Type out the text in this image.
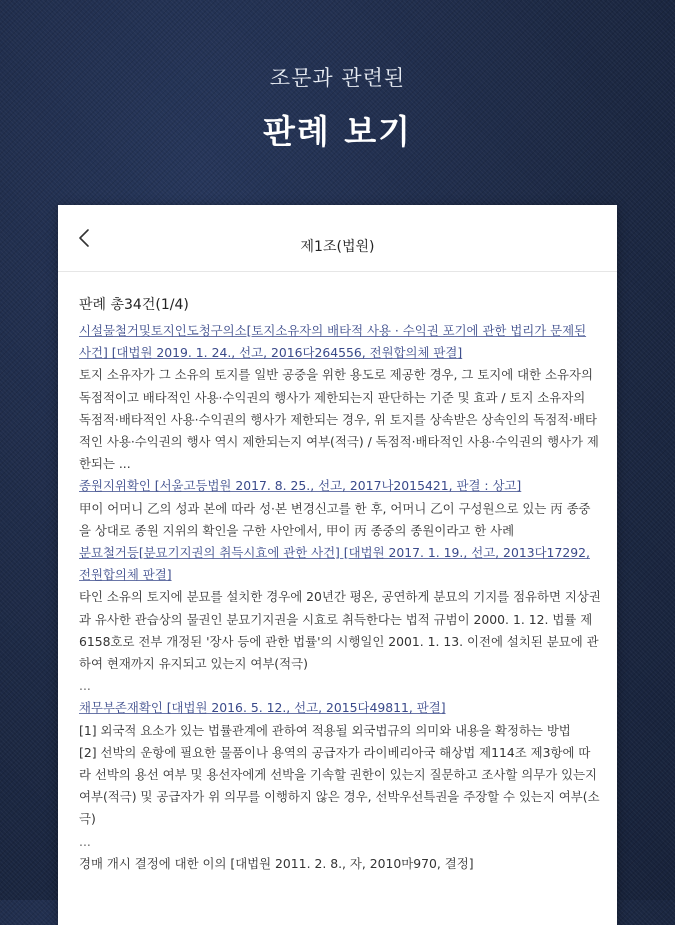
조문과 관련된
판례 보기
제1조(법원)
판례 총34건(1/4)
시설물철거및토지인도청구의소[토지소유자의 배타적 사용 · 수익권 포기에 관한 법리가 문제된 사건] [대법원 2019. 1. 24., 선고, 2016다264556, 전원합의체 판결]
토지 소유자가 그 소유의 토지를 일반 공중을 위한 용도로 제공한 경우, 그 토지에 대한 소유자의 독점적이고 배타적인 사용·수익권의 행사가 제한되는지 판단하는 기준 및 효과 / 토지 소유자의 독점적·배타적인 사용·수익권의 행사가 제한되는 경우, 위 토지를 상속받은 상속인의 독점적·배타적인 사용·수익권의 행사 역시 제한되는지 여부(적극) / 독점적·배타적인 사용·수익권의 행사가 제한되는 ...
종원지위확인 [서울고등법원 2017. 8. 25., 선고, 2017나2015421, 판결 : 상고]
甲이 어머니 乙의 성과 본에 따라 성·본 변경신고를 한 후, 어머니 乙이 구성원으로 있는 丙 종중을 상대로 종원 지위의 확인을 구한 사안에서, 甲이 丙 종중의 종원이라고 한 사례
분묘철거등[분묘기지권의 취득시효에 관한 사건] [대법원 2017. 1. 19., 선고, 2013다17292, 전원합의체 판결]
타인 소유의 토지에 분묘를 설치한 경우에 20년간 평온, 공연하게 분묘의 기지를 점유하면 지상권과 유사한 관습상의 물권인 분묘기지권을 시효로 취득한다는 법적 규범이 2000. 1. 12. 법률 제6158호로 전부 개정된 '장사 등에 관한 법률'의 시행일인 2001. 1. 13. 이전에 설치된 분묘에 관하여 현재까지 유지되고 있는지 여부(적극)
...
채무부존재확인 [대법원 2016. 5. 12., 선고, 2015다49811, 판결]
[1] 외국적 요소가 있는 법률관계에 관하여 적용될 외국법규의 의미와 내용을 확정하는 방법
[2] 선박의 운항에 필요한 물품이나 용역의 공급자가 라이베리아국 해상법 제114조 제3항에 따라 선박의 용선 여부 및 용선자에게 선박을 기속할 권한이 있는지 질문하고 조사할 의무가 있는지 여부(적극) 및 공급자가 위 의무를 이행하지 않은 경우, 선박우선특권을 주장할 수 있는지 여부(소극)
...
경매 개시 결정에 대한 이의 [대법원 2011. 2. 8., 자, 2010마970, 결정]
